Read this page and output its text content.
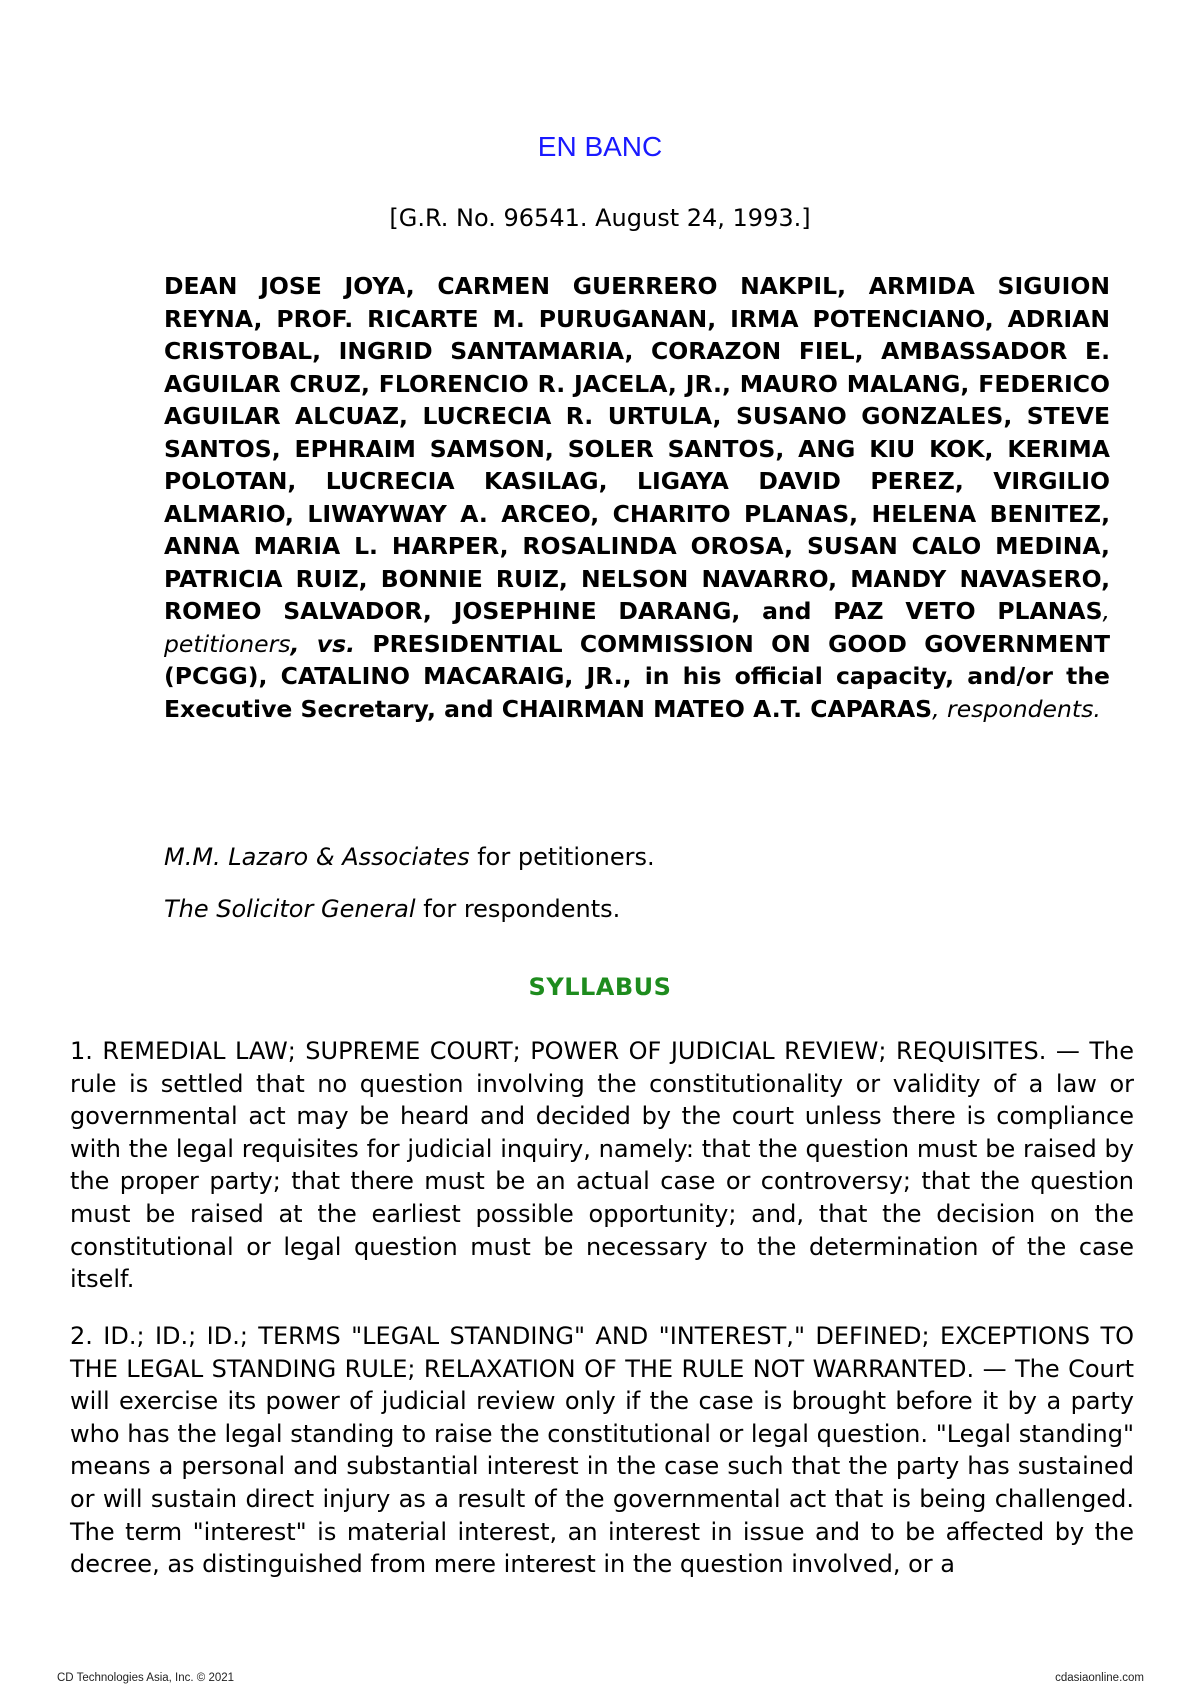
EN BANC
[G.R. No. 96541. August 24, 1993.]
DEAN JOSE JOYA, CARMEN GUERRERO NAKPIL, ARMIDA SIGUION REYNA, PROF. RICARTE M. PURUGANAN, IRMA POTENCIANO, ADRIAN CRISTOBAL, INGRID SANTAMARIA, CORAZON FIEL, AMBASSADOR E. AGUILAR CRUZ, FLORENCIO R. JACELA, JR., MAURO MALANG, FEDERICO AGUILAR ALCUAZ, LUCRECIA R. URTULA, SUSANO GONZALES, STEVE SANTOS, EPHRAIM SAMSON, SOLER SANTOS, ANG KIU KOK, KERIMA POLOTAN, LUCRECIA KASILAG, LIGAYA DAVID PEREZ, VIRGILIO ALMARIO, LIWAYWAY A. ARCEO, CHARITO PLANAS, HELENA BENITEZ, ANNA MARIA L. HARPER, ROSALINDA OROSA, SUSAN CALO MEDINA, PATRICIA RUIZ, BONNIE RUIZ, NELSON NAVARRO, MANDY NAVASERO, ROMEO SALVADOR, JOSEPHINE DARANG, and PAZ VETO PLANAS, petitioners, vs. PRESIDENTIAL COMMISSION ON GOOD GOVERNMENT (PCGG), CATALINO MACARAIG, JR., in his official capacity, and/or the Executive Secretary, and CHAIRMAN MATEO A.T. CAPARAS, respondents.
M.M. Lazaro & Associates for petitioners.
The Solicitor General for respondents.
SYLLABUS

1. REMEDIAL LAW; SUPREME COURT; POWER OF JUDICIAL REVIEW; REQUISITES. — The rule is settled that no question involving the constitutionality or validity of a law or governmental act may be heard and decided by the court unless there is compliance with the legal requisites for judicial inquiry, namely: that the question must be raised by the proper party; that there must be an actual case or controversy; that the question must be raised at the earliest possible opportunity; and, that the decision on the constitutional or legal question must be necessary to the determination of the case itself.

2. ID.; ID.; ID.; TERMS "LEGAL STANDING" AND "INTEREST," DEFINED; EXCEPTIONS TO THE LEGAL STANDING RULE; RELAXATION OF THE RULE NOT WARRANTED. — The Court will exercise its power of judicial review only if the case is brought before it by a party who has the legal standing to raise the constitutional or legal question. "Legal standing" means a personal and substantial interest in the case such that the party has sustained or will sustain direct injury as a result of the governmental act that is being challenged. The term "interest" is material interest, an interest in issue and to be affected by the decree, as distinguished from mere interest in the question involved, or a

CD Technologies Asia, Inc. © 2021	cdasiaonline.com
